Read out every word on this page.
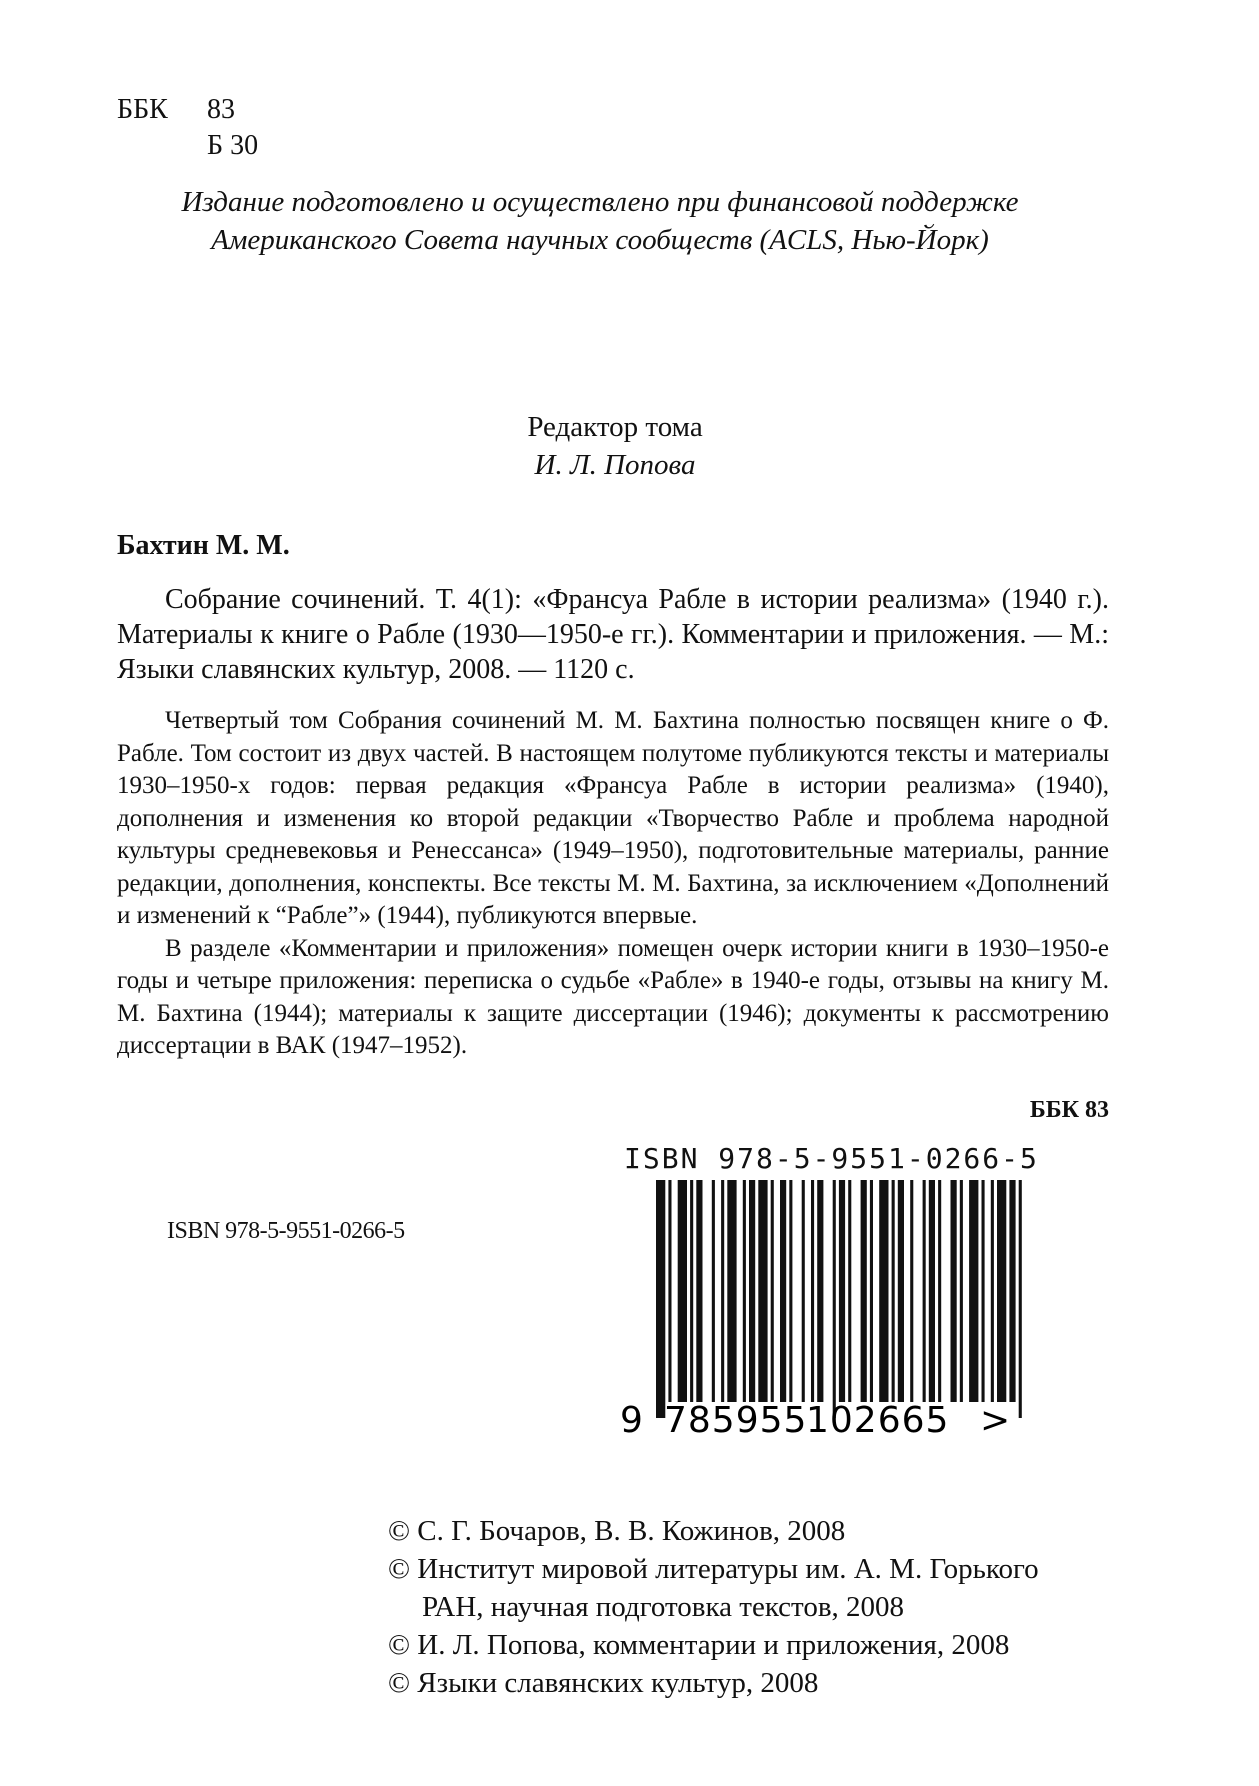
ББК 83
Б 30
Издание подготовлено и осуществлено при финансовой поддержке
Американского Совета научных сообществ (ACLS, Нью-Йорк)
Редактор тома
И. Л. Попова
Бахтин М. М.
Собрание сочинений. Т. 4(1): «Франсуа Рабле в истории реализма» (1940 г.). Материалы к книге о Рабле (1930—1950-е гг.). Комментарии и приложения. — М.: Языки славянских культур, 2008. — 1120 с.

Четвертый том Собрания сочинений М. М. Бахтина полностью посвящен книге о Ф. Рабле. Том состоит из двух частей. В настоящем полутоме публикуются тексты и материалы 1930–1950-х годов: первая редакция «Франсуа Рабле в истории реализма» (1940), дополнения и изменения ко второй редакции «Творчество Рабле и проблема народной культуры средневековья и Ренессанса» (1949–1950), подготовительные материалы, ранние редакции, дополнения, конспекты. Все тексты М. М. Бахтина, за исключением «Дополнений и изменений к “Рабле”» (1944), публикуются впервые.

В разделе «Комментарии и приложения» помещен очерк истории книги в 1930–1950-е годы и четыре приложения: переписка о судьбе «Рабле» в 1940-е годы, отзывы на книгу М. М. Бахтина (1944); материалы к защите диссертации (1946); документы к рассмотрению диссертации в ВАК (1947–1952).

ББК 83
ISBN 978-5-9551-0266-5
ISBN 978-5-9551-0266-5
9 785955
102665 >
© С. Г. Бочаров, В. В. Кожинов, 2008
© Институт мировой литературы им. А. М. Горького
РАН, научная подготовка текстов, 2008
© И. Л. Попова, комментарии и приложения, 2008
© Языки славянских культур, 2008
